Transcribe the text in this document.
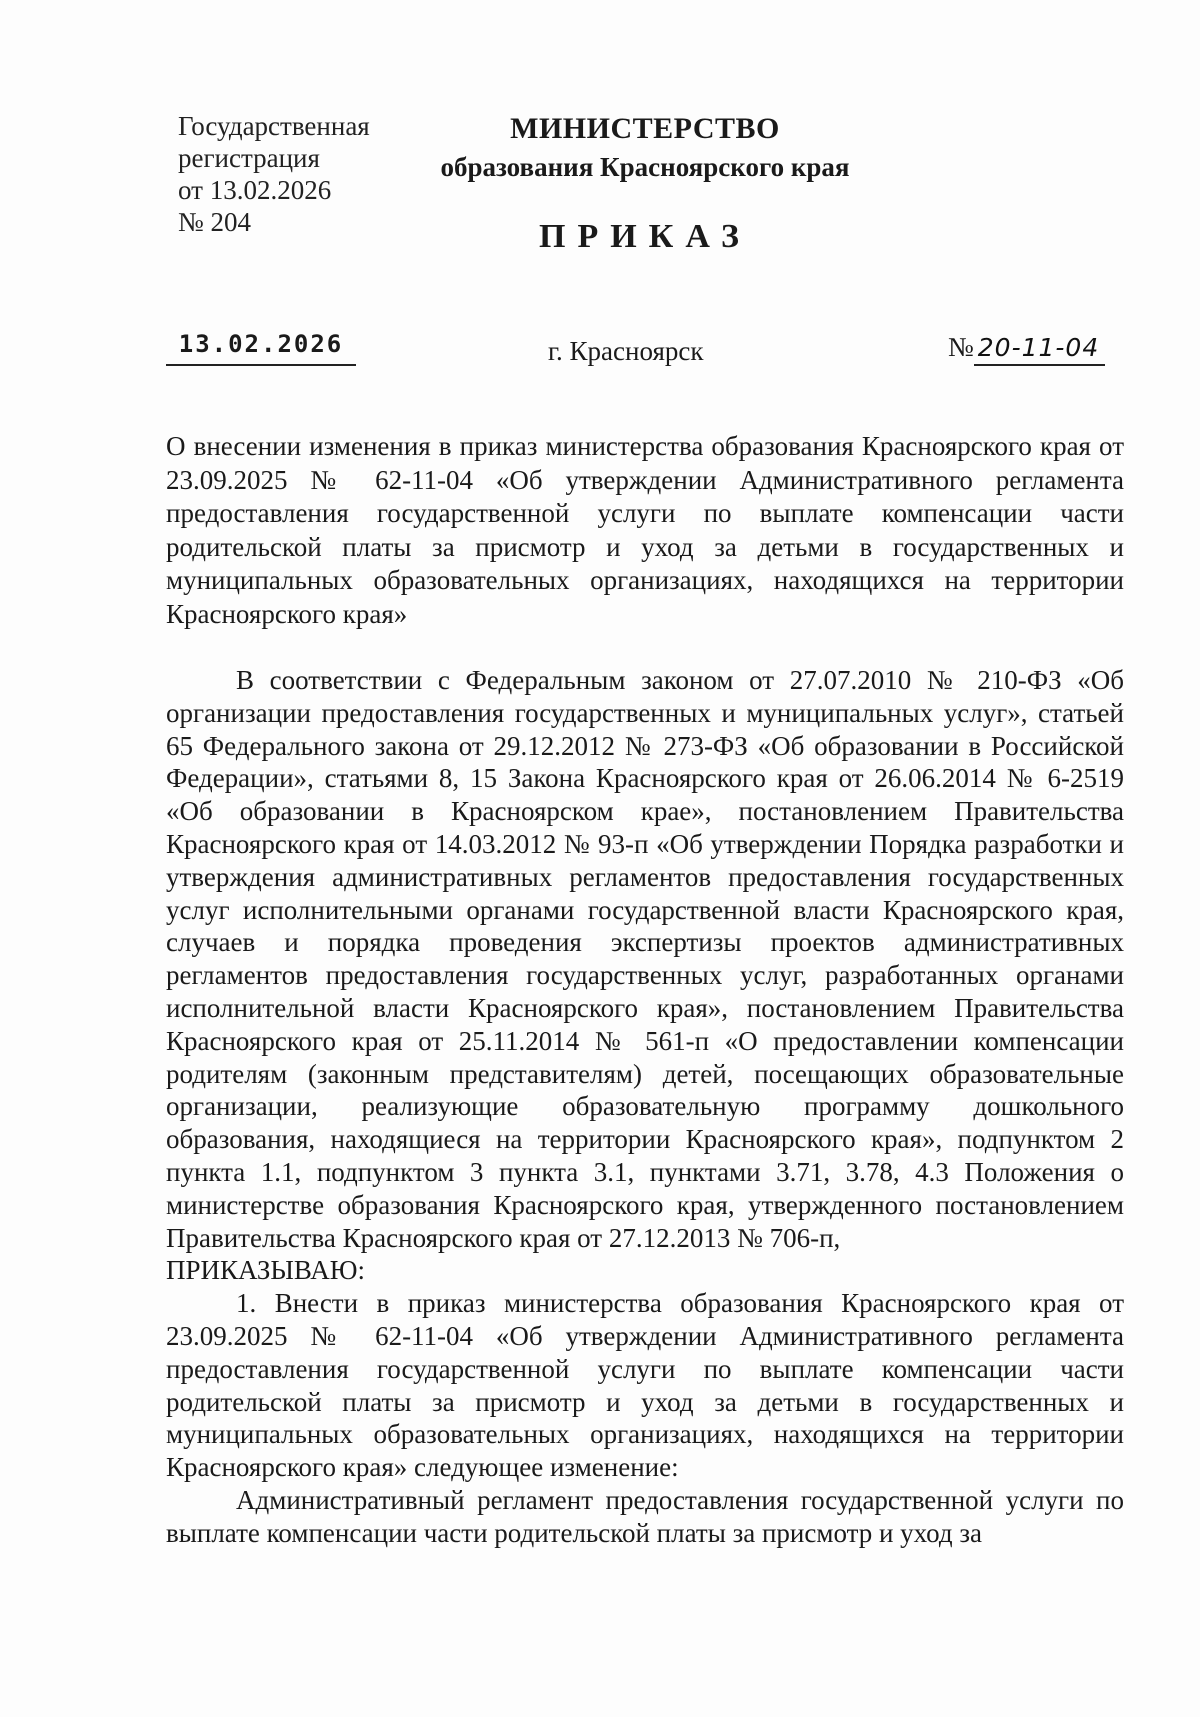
Государственная
регистрация
от 13.02.2026
№ 204
МИНИСТЕРСТВО
образования Красноярского края
ПРИКАЗ
13.02.2026	г. Красноярск	№ 20-11-04
О внесении изменения в приказ министерства образования Красноярского края от 23.09.2025 № 62-11-04 «Об утверждении Административного регламента предоставления государственной услуги по выплате компенсации части родительской платы за присмотр и уход за детьми в государственных и муниципальных образовательных организациях, находящихся на территории Красноярского края»

В соответствии с Федеральным законом от 27.07.2010 № 210-ФЗ «Об организации предоставления государственных и муниципальных услуг», статьей 65 Федерального закона от 29.12.2012 № 273-ФЗ «Об образовании в Российской Федерации», статьями 8, 15 Закона Красноярского края от 26.06.2014 № 6-2519 «Об образовании в Красноярском крае», постановлением Правительства Красноярского края от 14.03.2012 № 93-п «Об утверждении Порядка разработки и утверждения административных регламентов предоставления государственных услуг исполнительными органами государственной власти Красноярского края, случаев и порядка проведения экспертизы проектов административных регламентов предоставления государственных услуг, разработанных органами исполнительной власти Красноярского края», постановлением Правительства Красноярского края от 25.11.2014 № 561-п «О предоставлении компенсации родителям (законным представителям) детей, посещающих образовательные организации, реализующие образовательную программу дошкольного образования, находящиеся на территории Красноярского края», подпунктом 2 пункта 1.1, подпунктом 3 пункта 3.1, пунктами 3.71, 3.78, 4.3 Положения о министерстве образования Красноярского края, утвержденного постановлением Правительства Красноярского края от 27.12.2013 № 706-п,

ПРИКАЗЫВАЮ:

1. Внести в приказ министерства образования Красноярского края от 23.09.2025 № 62-11-04 «Об утверждении Административного регламента предоставления государственной услуги по выплате компенсации части родительской платы за присмотр и уход за детьми в государственных и муниципальных образовательных организациях, находящихся на территории Красноярского края» следующее изменение:

Административный регламент предоставления государственной услуги по выплате компенсации части родительской платы за присмотр и уход за
